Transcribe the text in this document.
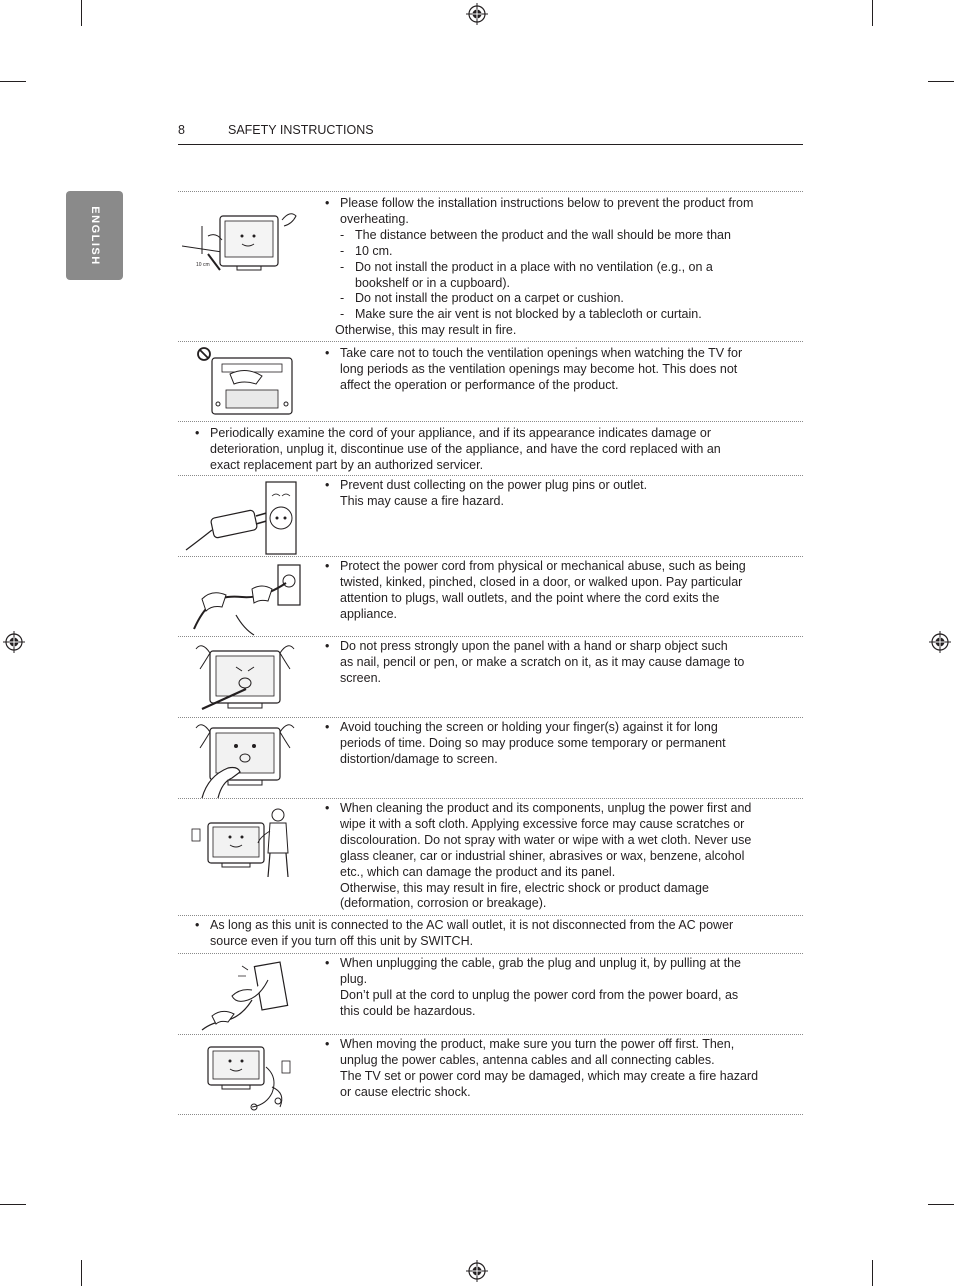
ENGLISH
8	SAFETY INSTRUCTIONS
10 cm
• Please follow the installation instructions below to prevent the product from
overheating.
- The distance between the product and the wall should be more than
- 10 cm.
- Do not install the product in a place with no ventilation (e.g., on a
bookshelf or in a cupboard).
- Do not install the product on a carpet or cushion.
- Make sure the air vent is not blocked by a tablecloth or curtain.
Otherwise, this may result in fire.
• Take care not to touch the ventilation openings when watching the TV for
long periods as the ventilation openings may become hot. This does not
affect the operation or performance of the product.
• Periodically examine the cord of your appliance, and if its appearance indicates damage or
deterioration, unplug it, discontinue use of the appliance, and have the cord replaced with an
exact replacement part by an authorized servicer.
• Prevent dust collecting on the power plug pins or outlet.
This may cause a fire hazard.
• Protect the power cord from physical or mechanical abuse, such as being
twisted, kinked, pinched, closed in a door, or walked upon. Pay particular
attention to plugs, wall outlets, and the point where the cord exits the
appliance.
• Do not press strongly upon the panel with a hand or sharp object such
as nail, pencil or pen, or make a scratch on it, as it may cause damage to
screen.
• Avoid touching the screen or holding your finger(s) against it for long
periods of time. Doing so may produce some temporary or permanent
distortion/damage to screen.
• When cleaning the product and its components, unplug the power first and
wipe it with a soft cloth. Applying excessive force may cause scratches or
discolouration. Do not spray with water or wipe with a wet cloth. Never use
glass cleaner, car or industrial shiner, abrasives or wax, benzene, alcohol
etc., which can damage the product and its panel.
Otherwise, this may result in fire, electric shock or product damage
(deformation, corrosion or breakage).
• As long as this unit is connected to the AC wall outlet, it is not disconnected from the AC power
source even if you turn off this unit by SWITCH.
• When unplugging the cable, grab the plug and unplug it, by pulling at the
plug.
Don’t pull at the cord to unplug the power cord from the power board, as
this could be hazardous.
• When moving the product, make sure you turn the power off first. Then,
unplug the power cables, antenna cables and all connecting cables.
The TV set or power cord may be damaged, which may create a fire hazard
or cause electric shock.
